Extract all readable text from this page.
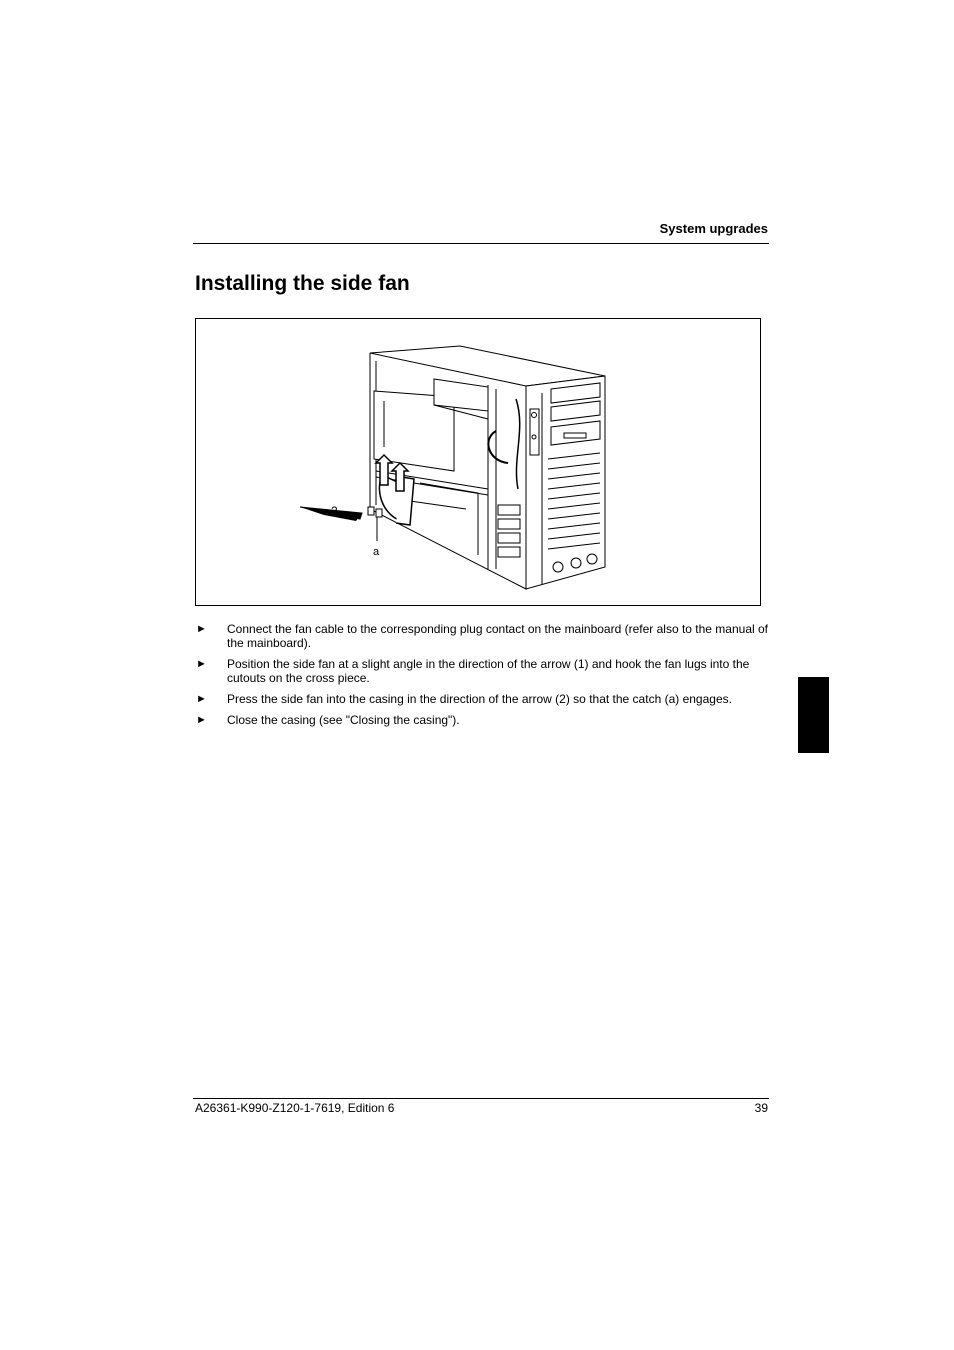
System upgrades
Installing the side fan
2
a
► Connect the fan cable to the corresponding plug contact on the mainboard (refer also to the manual of the mainboard).
► Position the side fan at a slight angle in the direction of the arrow (1) and hook the fan lugs into the cutouts on the cross piece.
► Press the side fan into the casing in the direction of the arrow (2) so that the catch (a) engages.
► Close the casing (see "Closing the casing").
A26361-K990-Z120-1-7619, Edition 6	39
